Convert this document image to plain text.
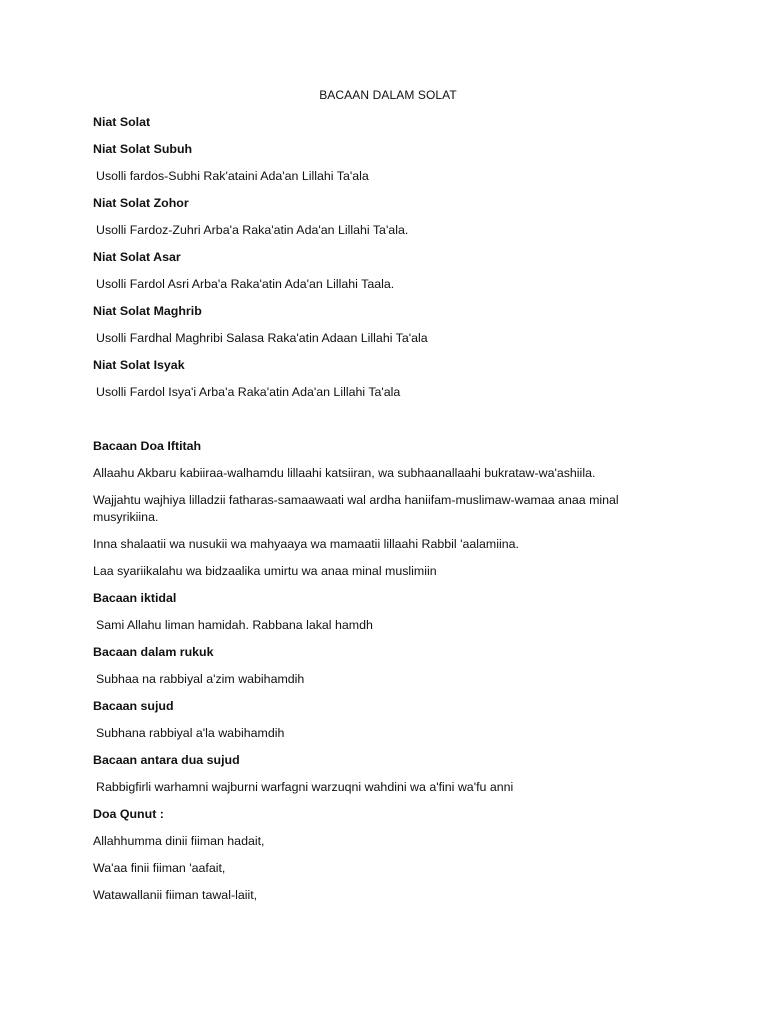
BACAAN DALAM SOLAT
Niat Solat
Niat Solat Subuh
Usolli fardos-Subhi Rak'ataini Ada'an Lillahi Ta'ala
Niat Solat Zohor
Usolli Fardoz-Zuhri Arba'a Raka'atin Ada'an Lillahi Ta'ala.
Niat Solat Asar
Usolli Fardol Asri Arba'a Raka'atin Ada'an Lillahi Taala.
Niat Solat Maghrib
Usolli Fardhal Maghribi Salasa Raka'atin Adaan Lillahi Ta'ala
Niat Solat Isyak
Usolli Fardol Isya'i Arba'a Raka'atin Ada'an Lillahi Ta'ala
Bacaan Doa Iftitah
Allaahu Akbaru kabiiraa-walhamdu lillaahi katsiiran, wa subhaanallaahi bukrataw-wa'ashiila.
Wajjahtu wajhiya lilladzii fatharas-samaawaati wal ardha haniifam-muslimaw-wamaa anaa minal musyrikiina.
Inna shalaatii wa nusukii wa mahyaaya wa mamaatii lillaahi Rabbil 'aalamiina.
Laa syariikalahu wa bidzaalika umirtu wa anaa minal muslimiin
Bacaan iktidal
Sami Allahu liman hamidah. Rabbana lakal hamdh
Bacaan dalam rukuk
Subhaa na rabbiyal a'zim wabihamdih
Bacaan sujud
Subhana rabbiyal a'la wabihamdih
Bacaan antara dua sujud
Rabbigfirli warhamni wajburni warfagni warzuqni wahdini wa a'fini wa'fu anni
Doa Qunut :
Allahhumma dinii fiiman hadait,
Wa'aa finii fiiman 'aafait,
Watawallanii fiiman tawal-laiit,
